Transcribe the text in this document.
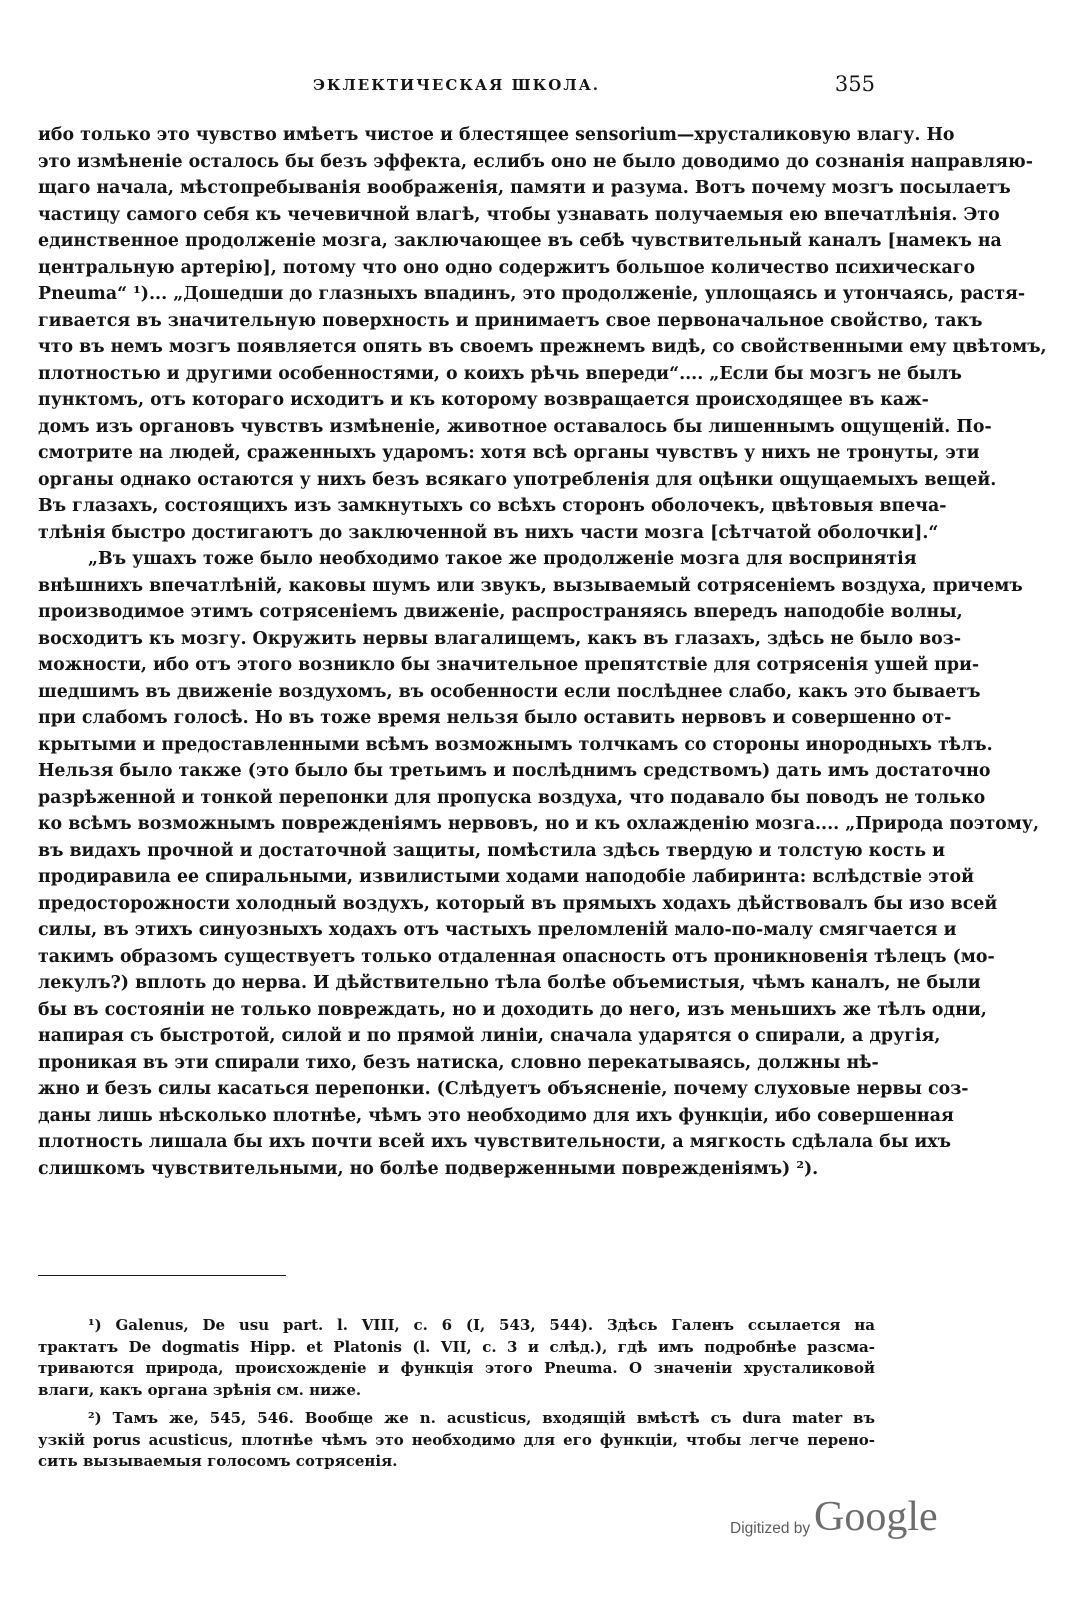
ЭКЛЕКТИЧЕСКАЯ ШКОЛА.	355
ибо только это чувство имѣетъ чистое и блестящее sensorium—хрусталиковую влагу. Но
это измѣненіе осталось бы безъ эффекта, еслибъ оно не было доводимо до сознанія направляю-
щаго начала, мѣстопребыванія воображенія, памяти и разума. Вотъ почему мозгъ посылаетъ
частицу самого себя къ чечевичной влагѣ, чтобы узнавать получаемыя ею впечатлѣнія. Это
единственное продолженіе мозга, заключающее въ себѣ чувствительный каналъ [намекъ на
центральную артерію], потому что оно одно содержитъ большое количество психическаго
Pneuma“ ¹)... „Дошедши до глазныхъ впадинъ, это продолженіе, уплощаясь и утончаясь, растя-
гивается въ значительную поверхность и принимаетъ свое первоначальное свойство, такъ
что въ немъ мозгъ появляется опять въ своемъ прежнемъ видѣ, со свойственными ему цвѣтомъ,
плотностью и другими особенностями, о коихъ рѣчь впереди“.... „Если бы мозгъ не былъ
пунктомъ, отъ котораго исходитъ и къ которому возвращается происходящее въ каж-
домъ изъ органовъ чувствъ измѣненіе, животное оставалось бы лишеннымъ ощущеній. По-
смотрите на людей, сраженныхъ ударомъ: хотя всѣ органы чувствъ у нихъ не тронуты, эти
органы однако остаются у нихъ безъ всякаго употребленія для оцѣнки ощущаемыхъ вещей.
Въ глазахъ, состоящихъ изъ замкнутыхъ со всѣхъ сторонъ оболочекъ, цвѣтовыя впеча-
тлѣнія быстро достигаютъ до заключенной въ нихъ части мозга [сѣтчатой оболочки].“
„Въ ушахъ тоже было необходимо такое же продолженіе мозга для воспринятія
внѣшнихъ впечатлѣній, каковы шумъ или звукъ, вызываемый сотрясеніемъ воздуха, причемъ
производимое этимъ сотрясеніемъ движеніе, распространяясь впередъ наподобіе волны,
восходитъ къ мозгу. Окружить нервы влагалищемъ, какъ въ глазахъ, здѣсь не было воз-
можности, ибо отъ этого возникло бы значительное препятствіе для сотрясенія ушей при-
шедшимъ въ движеніе воздухомъ, въ особенности если послѣднее слабо, какъ это бываетъ
при слабомъ голосѣ. Но въ тоже время нельзя было оставить нервовъ и совершенно от-
крытыми и предоставленными всѣмъ возможнымъ толчкамъ со стороны инородныхъ тѣлъ.
Нельзя было также (это было бы третьимъ и послѣднимъ средствомъ) дать имъ достаточно
разрѣженной и тонкой перепонки для пропуска воздуха, что подавало бы поводъ не только
ко всѣмъ возможнымъ поврежденіямъ нервовъ, но и къ охлажденію мозга.... „Природа поэтому,
въ видахъ прочной и достаточной защиты, помѣстила здѣсь твердую и толстую кость и
продиравила ее спиральными, извилистыми ходами наподобіе лабиринта: вслѣдствіе этой
предосторожности холодный воздухъ, который въ прямыхъ ходахъ дѣйствовалъ бы изо всей
силы, въ этихъ синуозныхъ ходахъ отъ частыхъ преломленій мало-по-малу смягчается и
такимъ образомъ существуетъ только отдаленная опасность отъ проникновенія тѣлецъ (мо-
лекулъ?) вплоть до нерва. И дѣйствительно тѣла болѣе объемистыя, чѣмъ каналъ, не были
бы въ состояніи не только повреждать, но и доходить до него, изъ меньшихъ же тѣлъ одни,
напирая съ быстротой, силой и по прямой линіи, сначала ударятся о спирали, а другія,
проникая въ эти спирали тихо, безъ натиска, словно перекатываясь, должны нѣ-
жно и безъ силы касаться перепонки. (Слѣдуетъ объясненіе, почему слуховые нервы соз-
даны лишь нѣсколько плотнѣе, чѣмъ это необходимо для ихъ функціи, ибо совершенная
плотность лишала бы ихъ почти всей ихъ чувствительности, а мягкость сдѣлала бы ихъ
слишкомъ чувствительными, но болѣе подверженными поврежденіямъ) ²).
¹) Galenus, De usu part. l. VIII, c. 6 (I, 543, 544). Здѣсь Галенъ ссылается на
трактатъ De dogmatis Hipp. et Platonis (l. VII, c. 3 и слѣд.), гдѣ имъ подробнѣе разсма-
триваются природа, происхожденіе и функція этого Pneuma. О значеніи хрусталиковой
влаги, какъ органа зрѣнія см. ниже.
²) Тамъ же, 545, 546. Вообще же n. acusticus, входящій вмѣстѣ съ dura mater въ
узкій porus acusticus, плотнѣе чѣмъ это необходимо для его функціи, чтобы легче перено-
сить вызываемыя голосомъ сотрясенія.
Digitized by Google
